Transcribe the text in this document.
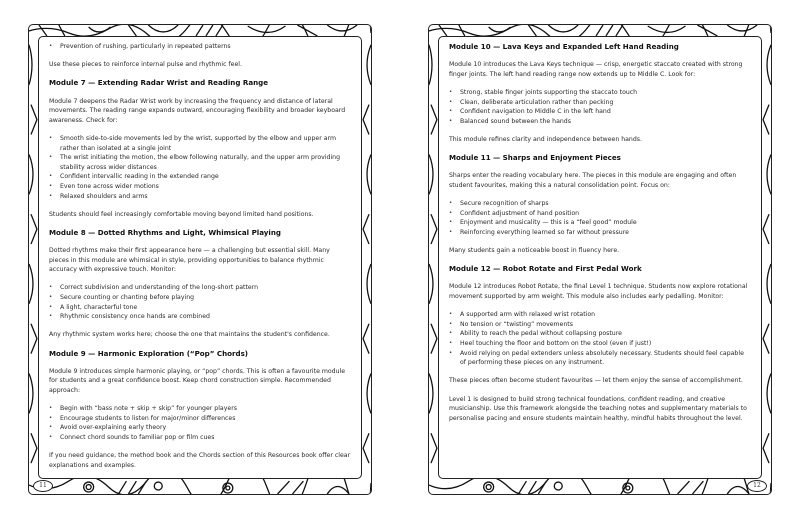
• Prevention of rushing, particularly in repeated patterns

Use these pieces to reinforce internal pulse and rhythmic feel.

Module 7 — Extending Radar Wrist and Reading Range

Module 7 deepens the Radar Wrist work by increasing the frequency and distance of lateral movements. The reading range expands outward, encouraging flexibility and broader keyboard awareness. Check for:

• Smooth side-to-side movements led by the wrist, supported by the elbow and upper arm rather than isolated at a single joint
• The wrist initiating the motion, the elbow following naturally, and the upper arm providing stability across wider distances
• Confident intervallic reading in the extended range
• Even tone across wider motions
• Relaxed shoulders and arms

Students should feel increasingly comfortable moving beyond limited hand positions.

Module 8 — Dotted Rhythms and Light, Whimsical Playing

Dotted rhythms make their first appearance here — a challenging but essential skill. Many pieces in this module are whimsical in style, providing opportunities to balance rhythmic accuracy with expressive touch. Monitor:

• Correct subdivision and understanding of the long-short pattern
• Secure counting or chanting before playing
• A light, characterful tone
• Rhythmic consistency once hands are combined

Any rhythmic system works here; choose the one that maintains the student's confidence.

Module 9 — Harmonic Exploration (“Pop” Chords)

Module 9 introduces simple harmonic playing, or “pop” chords. This is often a favourite module for students and a great confidence boost. Keep chord construction simple. Recommended approach:

• Begin with “bass note + skip + skip” for younger players
• Encourage students to listen for major/minor differences
• Avoid over-explaining early theory
• Connect chord sounds to familiar pop or film cues

If you need guidance, the method book and the Chords section of this Resources book offer clear explanations and examples.

11
Module 10 — Lava Keys and Expanded Left Hand Reading

Module 10 introduces the Lava Keys technique — crisp, energetic staccato created with strong finger joints. The left hand reading range now extends up to Middle C. Look for:

• Strong, stable finger joints supporting the staccato touch
• Clean, deliberate articulation rather than pecking
• Confident navigation to Middle C in the left hand
• Balanced sound between the hands

This module refines clarity and independence between hands.

Module 11 — Sharps and Enjoyment Pieces

Sharps enter the reading vocabulary here. The pieces in this module are engaging and often student favourites, making this a natural consolidation point. Focus on:

• Secure recognition of sharps
• Confident adjustment of hand position
• Enjoyment and musicality — this is a “feel good” module
• Reinforcing everything learned so far without pressure

Many students gain a noticeable boost in fluency here.

Module 12 — Robot Rotate and First Pedal Work

Module 12 introduces Robot Rotate, the final Level 1 technique. Students now explore rotational movement supported by arm weight. This module also includes early pedalling. Monitor:

• A supported arm with relaxed wrist rotation
• No tension or “twisting” movements
• Ability to reach the pedal without collapsing posture
• Heel touching the floor and bottom on the stool (even if just!)
• Avoid relying on pedal extenders unless absolutely necessary. Students should feel capable of performing these pieces on any instrument.

These pieces often become student favourites — let them enjoy the sense of accomplishment.

Level 1 is designed to build strong technical foundations, confident reading, and creative musicianship. Use this framework alongside the teaching notes and supplementary materials to personalise pacing and ensure students maintain healthy, mindful habits throughout the level.

12
